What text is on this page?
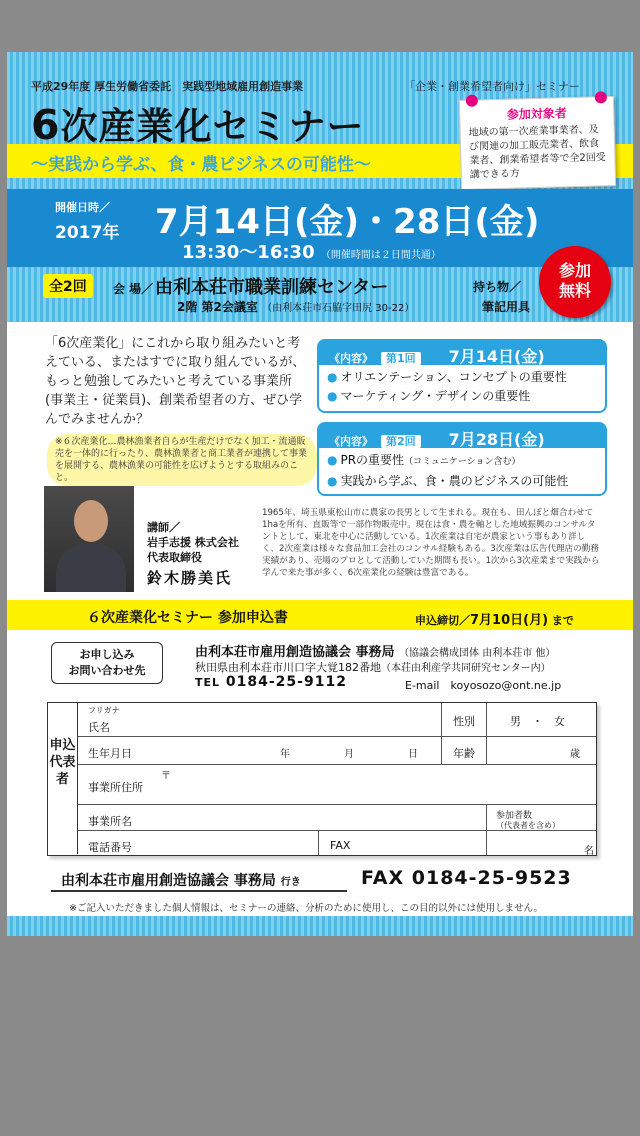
平成29年度 厚生労働省委託　実践型地域雇用創造事業	「企業・創業希望者向け」セミナー
6次産業化セミナー
～実践から学ぶ、食・農ビジネスの可能性～
参加対象者

地域の第一次産業事業者、及び関連の加工販売業者、飲食業者、創業希望者等で全2回受講できる方

開催日時／
2017年 7月14日(金)・28日(金)
13:30～16:30 （開催時間は２日間共通）
全2回	会 場／ 由利本荘市職業訓練センター
2階 第2会議室 （由利本荘市石脇字田尻 30-22）
持ち物／
筆記用具
参加
無料
「6次産業化」にこれから取り組みたいと考えている、またはすでに取り組んでいるが、もっと勉強してみたいと考えている事業所 (事業主・従業員)、創業希望者の方、ぜひ学んでみませんか？
※６次産業化…農林漁業者自らが生産だけでなく加工・流通販売を一体的に行ったり、農林漁業者と商工業者が連携して事業を展開する、農林漁業の可能性を広げようとする取組みのこと。
《内容》 第1回 7月14日(金)
● オリエンテーション、コンセプトの重要性
● マーケティング・デザインの重要性
《内容》 第2回 7月28日(金)
● PRの重要性（コミュニケーション含む）
● 実践から学ぶ、食・農のビジネスの可能性
講師／
岩手志援 株式会社
代表取締役
鈴木勝美氏
1965年、埼玉県東松山市に農家の長男として生まれる。現在も、田んぼと畑合わせて1haを所有、直販等で一部作物販売中。現在は食・農を軸とした地域振興のコンサルタントとして、東北を中心に活動している。1次産業は自宅が農家という事もあり詳しく、2次産業は様々な食品加工会社のコンサル経験もある。3次産業は広告代理店の勤務実績があり、売場のプロとして活動していた期間も長い。1次から3次産業まで実践から学んで来た事が多く、6次産業化の経験は豊富である。
６次産業化セミナー 参加申込書	申込締切／7月10日(月) まで
お申し込み
お問い合わせ先
由利本荘市雇用創造協議会 事務局 （協議会構成団体 由利本荘市 他）
秋田県由利本荘市川口字大覚182番地（本荘由利産学共同研究センター内）
TEL 0184-25-9112	E-mail　 koyosozo@ont.ne.jp
申込代表者
フリガナ
氏名	性別	男　・　女
生年月日	年	月	日	年齢	歳
〒
事業所住所
事業所名	参加者数
（代表者を含め）
名
電話番号	FAX
由利本荘市雇用創造協議会 事務局 行き	FAX 0184-25-9523
※ご記入いただきました個人情報は、セミナーの連絡、分析のために使用し、この目的以外には使用しません。
